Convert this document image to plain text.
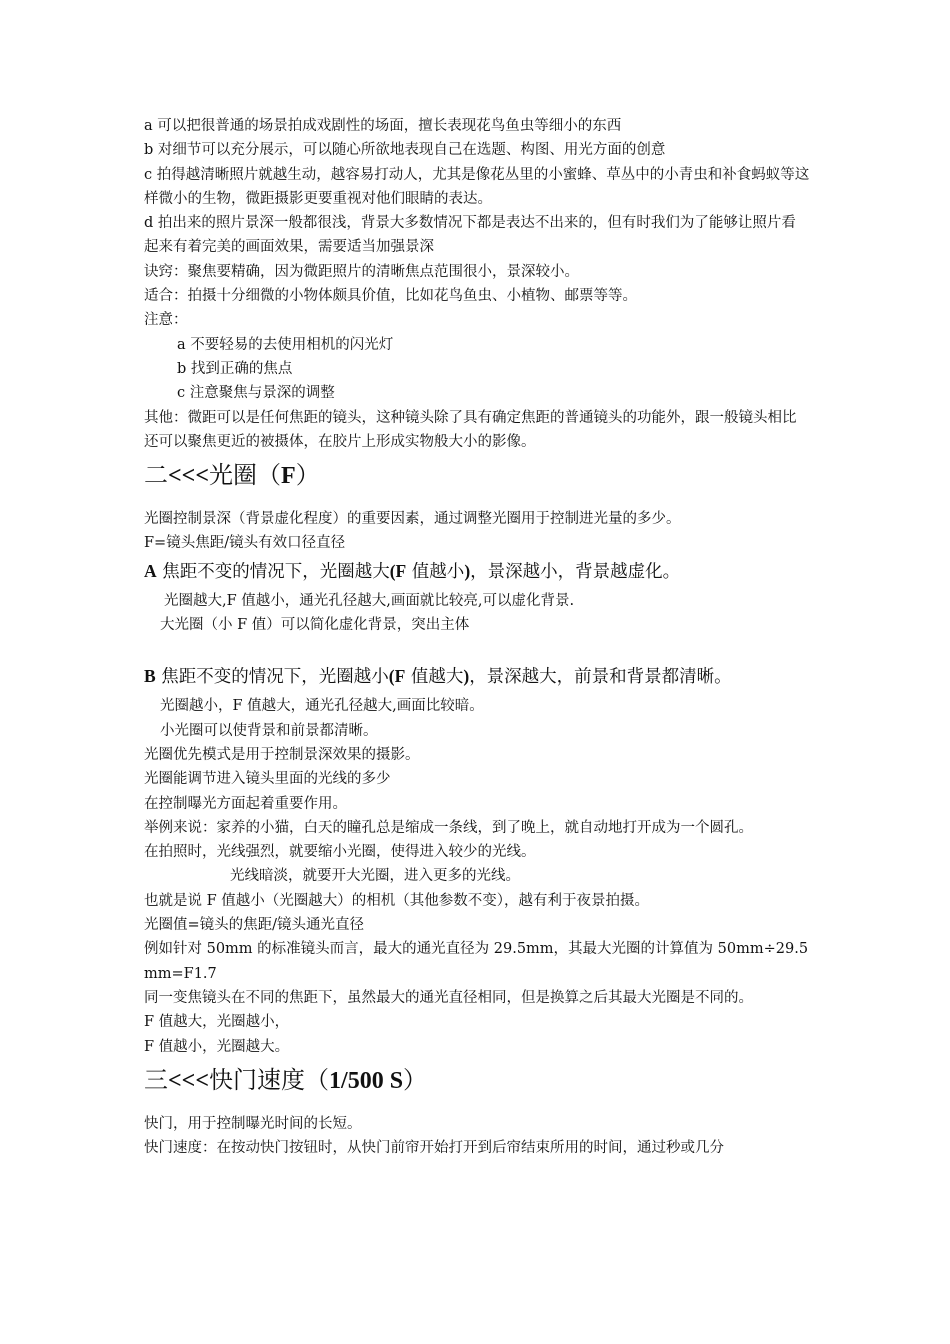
a 可以把很普通的场景拍成戏剧性的场面，擅长表现花鸟鱼虫等细小的东西
b 对细节可以充分展示，可以随心所欲地表现自己在选题、构图、用光方面的创意
c 拍得越清晰照片就越生动，越容易打动人，尤其是像花丛里的小蜜蜂、草丛中的小青虫和补食蚂蚁等这样微小的生物，微距摄影更要重视对他们眼睛的表达。
d 拍出来的照片景深一般都很浅，背景大多数情况下都是表达不出来的，但有时我们为了能够让照片看起来有着完美的画面效果，需要适当加强景深
诀窍：聚焦要精确，因为微距照片的清晰焦点范围很小，景深较小。
适合：拍摄十分细微的小物体颇具价值，比如花鸟鱼虫、小植物、邮票等等。
注意：
a 不要轻易的去使用相机的闪光灯
b 找到正确的焦点
c 注意聚焦与景深的调整
其他：微距可以是任何焦距的镜头，这种镜头除了具有确定焦距的普通镜头的功能外，跟一般镜头相比还可以聚焦更近的被摄体，在胶片上形成实物般大小的影像。
二<<<光圈（F）
光圈控制景深（背景虚化程度）的重要因素，通过调整光圈用于控制进光量的多少。
F=镜头焦距/镜头有效口径直径
A 焦距不变的情况下，光圈越大(F 值越小)，景深越小，背景越虚化。
光圈越大,F 值越小，通光孔径越大,画面就比较亮,可以虚化背景.
大光圈（小 F 值）可以简化虚化背景，突出主体
B 焦距不变的情况下，光圈越小(F 值越大)，景深越大，前景和背景都清晰。
光圈越小，F 值越大，通光孔径越大,画面比较暗。
小光圈可以使背景和前景都清晰。
光圈优先模式是用于控制景深效果的摄影。
光圈能调节进入镜头里面的光线的多少
在控制曝光方面起着重要作用。
举例来说：家养的小猫，白天的瞳孔总是缩成一条线，到了晚上，就自动地打开成为一个圆孔。
在拍照时，光线强烈，就要缩小光圈，使得进入较少的光线。
光线暗淡，就要开大光圈，进入更多的光线。
也就是说 F 值越小（光圈越大）的相机（其他参数不变），越有利于夜景拍摄。
光圈值=镜头的焦距/镜头通光直径
例如针对 50mm 的标准镜头而言，最大的通光直径为 29.5mm，其最大光圈的计算值为 50mm÷29.5mm=F1.7
同一变焦镜头在不同的焦距下，虽然最大的通光直径相同，但是换算之后其最大光圈是不同的。
F 值越大，光圈越小，
F 值越小，光圈越大。
三<<<快门速度（1/500 S）
快门，用于控制曝光时间的长短。
快门速度：在按动快门按钮时，从快门前帘开始打开到后帘结束所用的时间，通过秒或几分
